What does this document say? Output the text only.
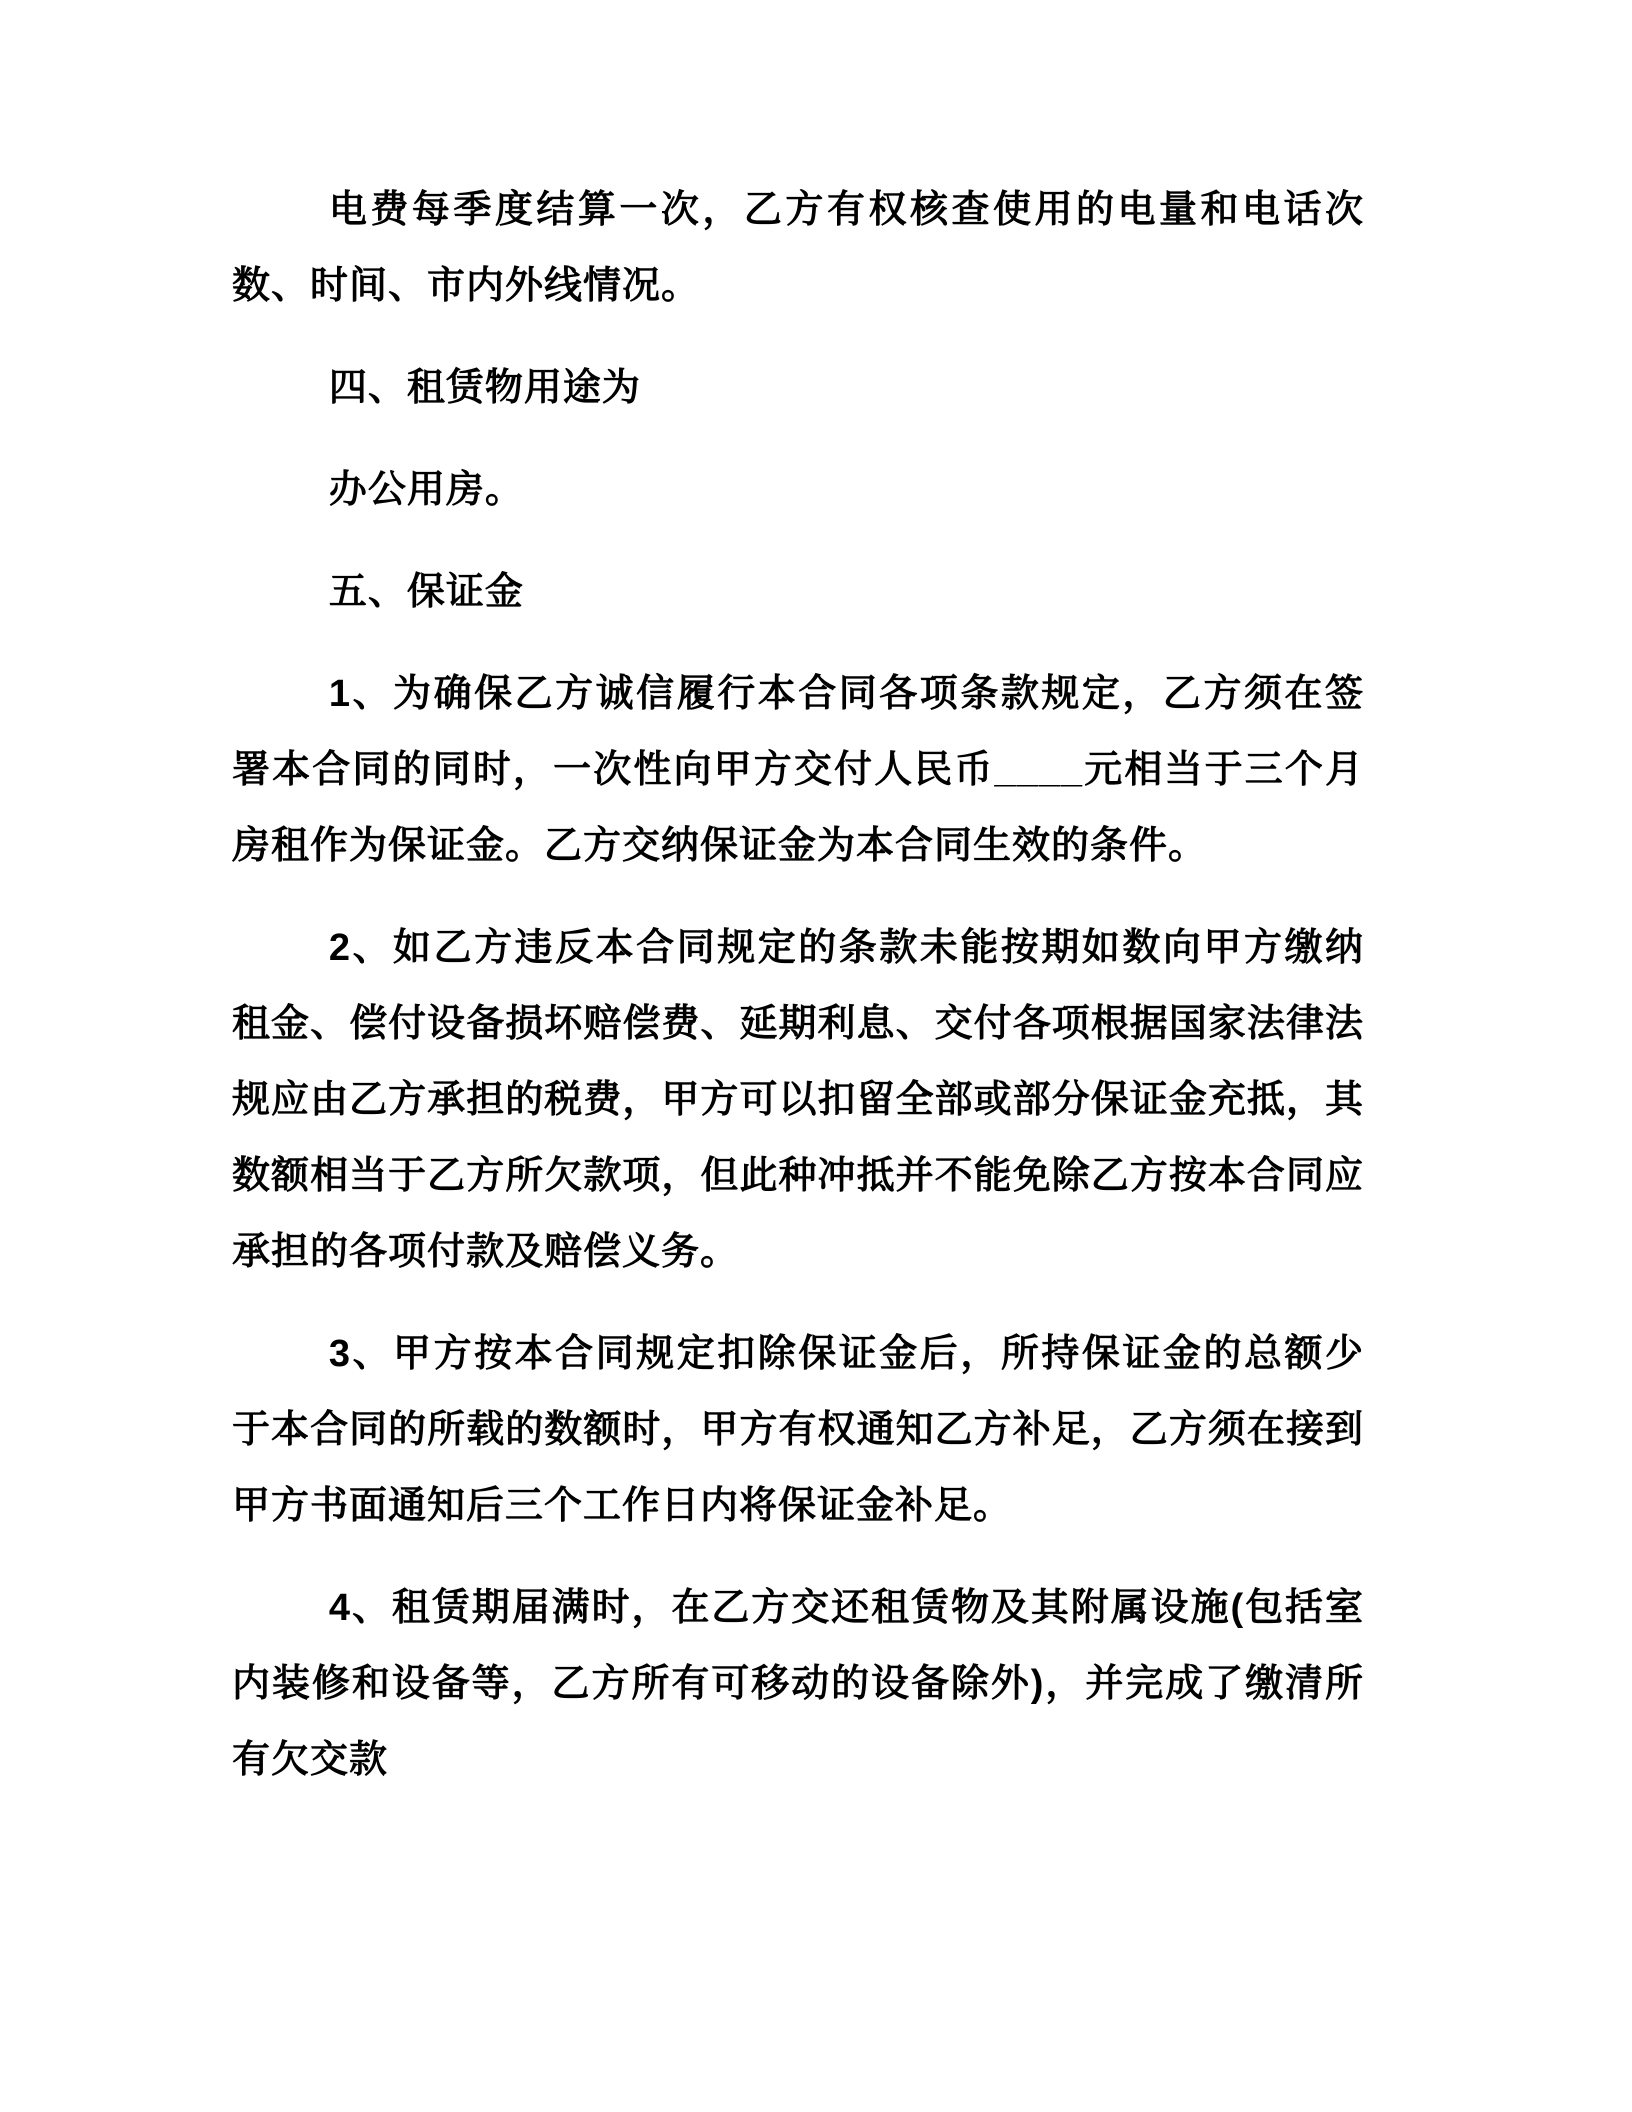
电费每季度结算一次，乙方有权核查使用的电量和电话次数、时间、市内外线情况。

四、租赁物用途为

办公用房。

五、保证金

1、为确保乙方诚信履行本合同各项条款规定，乙方须在签署本合同的同时，一次性向甲方交付人民币____元相当于三个月房租作为保证金。乙方交纳保证金为本合同生效的条件。

2、如乙方违反本合同规定的条款未能按期如数向甲方缴纳租金、偿付设备损坏赔偿费、延期利息、交付各项根据国家法律法规应由乙方承担的税费，甲方可以扣留全部或部分保证金充抵，其数额相当于乙方所欠款项，但此种冲抵并不能免除乙方按本合同应承担的各项付款及赔偿义务。

3、甲方按本合同规定扣除保证金后，所持保证金的总额少于本合同的所载的数额时，甲方有权通知乙方补足，乙方须在接到甲方书面通知后三个工作日内将保证金补足。

4、租赁期届满时，在乙方交还租赁物及其附属设施(包括室内装修和设备等，乙方所有可移动的设备除外)，并完成了缴清所有欠交款
